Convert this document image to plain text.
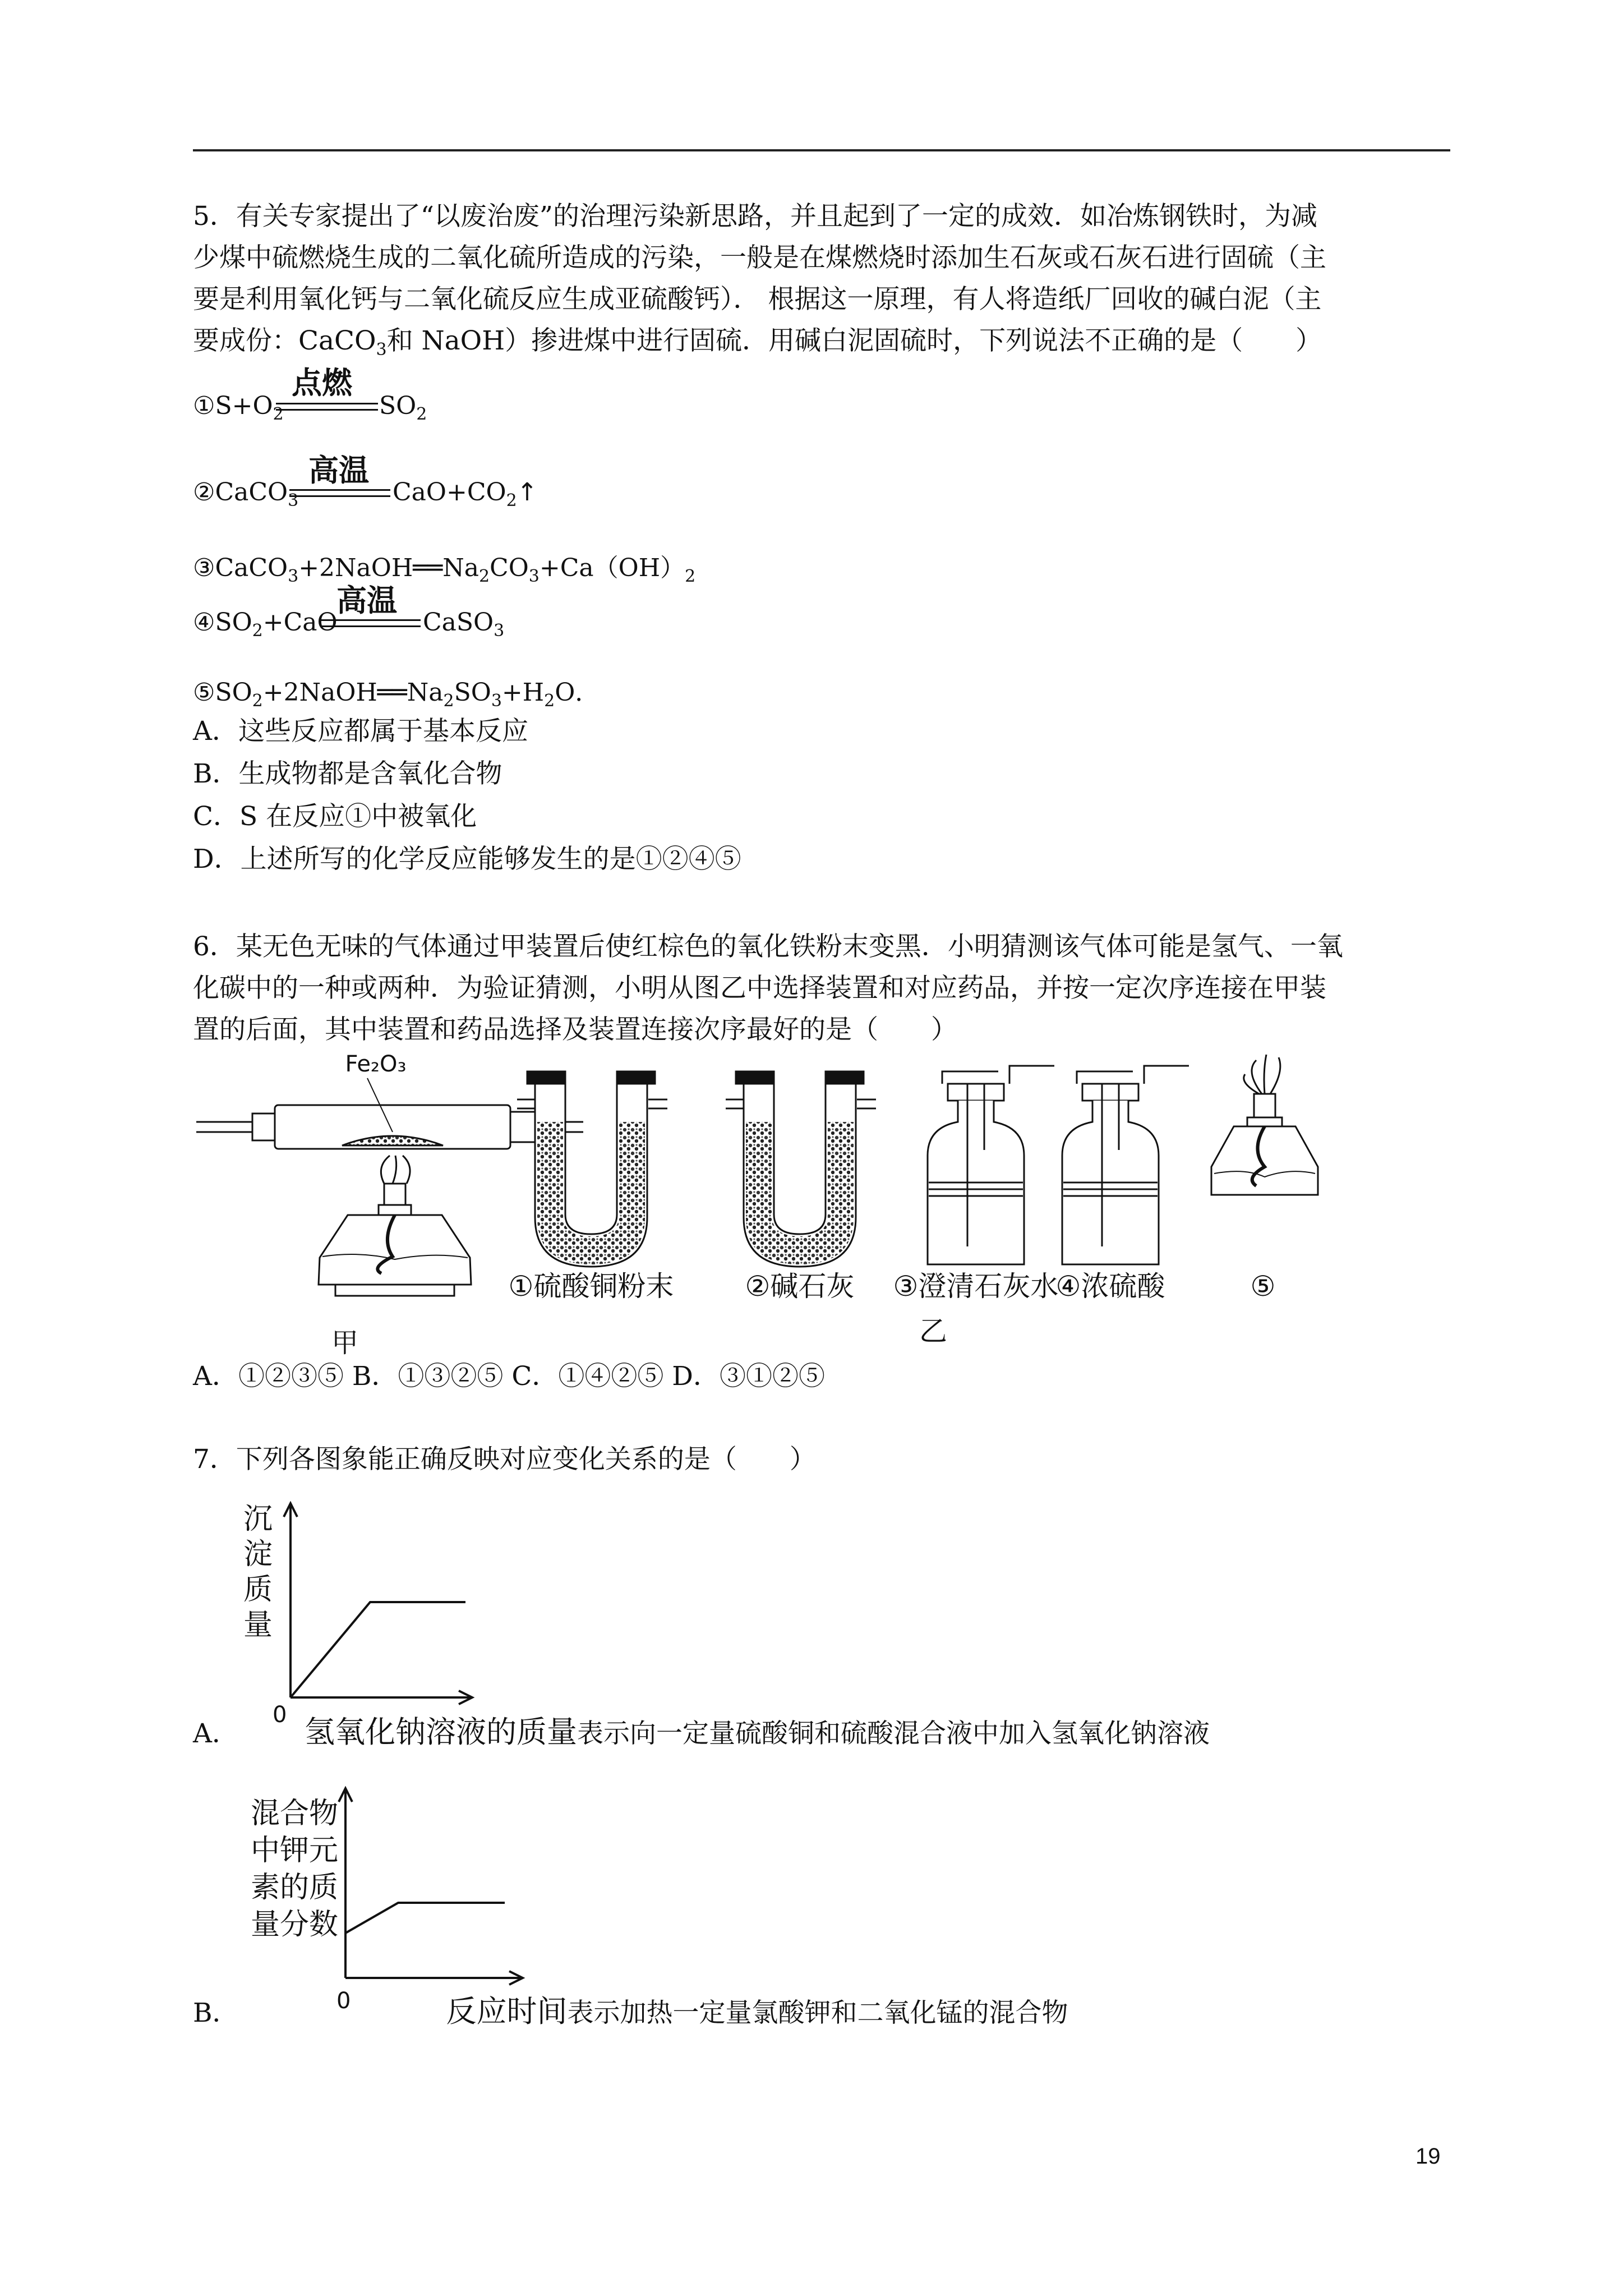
5．有关专家提出了“以废治废”的治理污染新思路，并且起到了一定的成效．如冶炼钢铁时，为减
少煤中硫燃烧生成的二氧化硫所造成的污染，一般是在煤燃烧时添加生石灰或石灰石进行固硫（主
要是利用氧化钙与二氧化硫反应生成亚硫酸钙）． 根据这一原理，有人将造纸厂回收的碱白泥（主
要成份：CaCO$_3$和 NaOH）掺进煤中进行固硫．用碱白泥固硫时，下列说法不正确的是（　　）
点燃
$①S+O_2$	$SO_2$
高温
②CaCO$_3$	$CaO+CO_2↑$
$③CaCO_3+2NaOH══Na_2CO_3+Ca(OH)_2$
高温
$④SO_2+CaO$	CaSO$_3$
$⑤SO_2+2NaOH══Na_2SO_3+H_2O$．
A．这些反应都属于基本反应
B．生成物都是含氧化合物
C．S 在反应①中被氧化
D．上述所写的化学反应能够发生的是①②④⑤
6．某无色无味的气体通过甲装置后使红棕色的氧化铁粉末变黑．小明猜测该气体可能是氢气、一氧
化碳中的一种或两种．为验证猜测，小明从图乙中选择装置和对应药品，并按一定次序连接在甲装
置的后面，其中装置和药品选择及装置连接次序最好的是（　　）
Fe₂O₃
甲
①硫酸铜粉末	②碱石灰 ③澄清石灰水
④浓硫酸	⑤
乙
A．①②③⑤ B．①③②⑤ C．①④②⑤ D．③①②⑤
7．下列各图象能正确反映对应变化关系的是（　　）
沉
淀
质
量
0
A． 氢氧化钠溶液的质量表示向一定量硫酸铜和硫酸混合液中加入氢氧化钠溶液
混合物
中钾元
素的质
量分数
0
B．	反应时间表示加热一定量氯酸钾和二氧化锰的混合物
19
